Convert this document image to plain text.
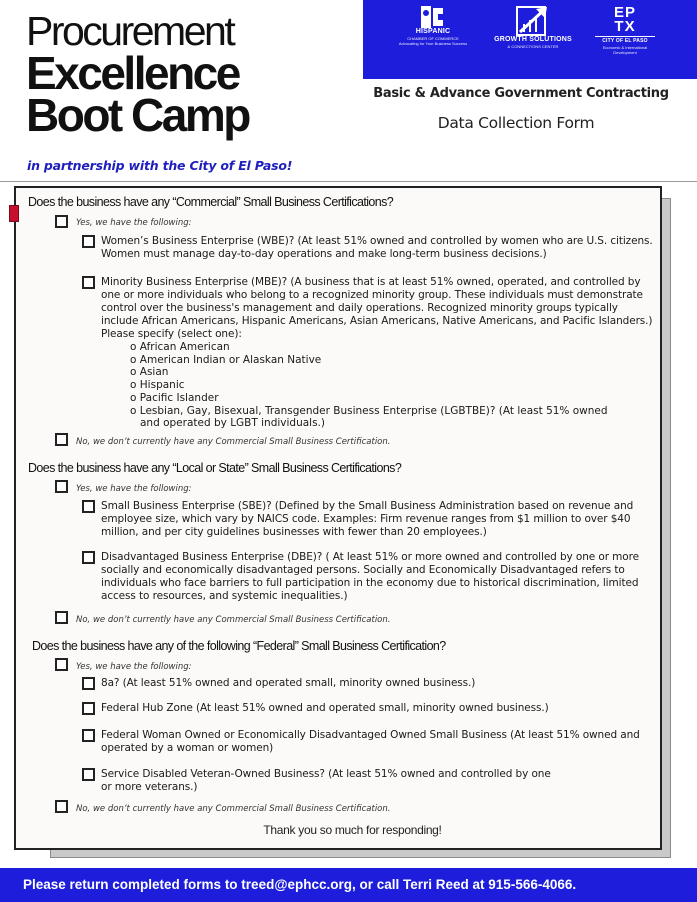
Procurement
Excellence
Boot Camp
in partnership with the City of El Paso!
HISPANIC
CHAMBER OF COMMERCE
Advocating for Your Business Success
GROWTH SOLUTIONS
& CONNECTIONS CENTER
EP
TX
CITY OF EL PASO
Economic & International Development
Basic & Advance Government Contracting
Data Collection Form
Does the business have any “Commercial” Small Business Certifications?
Yes, we have the following:
Women’s Business Enterprise (WBE)? (At least 51% owned and controlled by women who are U.S. citizens. Women must manage day-to-day operations and make long-term business decisions.)
Minority Business Enterprise (MBE)? (A business that is at least 51% owned, operated, and controlled by one or more individuals who belong to a recognized minority group. These individuals must demonstrate control over the business's management and daily operations. Recognized minority groups typically include African Americans, Hispanic Americans, Asian Americans, Native Americans, and Pacific Islanders.)
Please specify (select one):
o African American
o American Indian or Alaskan Native
o Asian
o Hispanic
o Pacific Islander
o Lesbian, Gay, Bisexual, Transgender Business Enterprise (LGBTBE)? (At least 51% owned
and operated by LGBT individuals.)
No, we don’t currently have any Commercial Small Business Certification.
Does the business have any “Local or State” Small Business Certifications?
Yes, we have the following:
Small Business Enterprise (SBE)? (Defined by the Small Business Administration based on revenue and employee size, which vary by NAICS code. Examples: Firm revenue ranges from $1 million to over $40 million, and per city guidelines businesses with fewer than 20 employees.)
Disadvantaged Business Enterprise (DBE)? ( At least 51% or more owned and controlled by one or more socially and economically disadvantaged persons. Socially and Economically Disadvantaged refers to individuals who face barriers to full participation in the economy due to historical discrimination, limited access to resources, and systemic inequalities.)
No, we don’t currently have any Commercial Small Business Certification.
Does the business have any of the following “Federal” Small Business Certification?
Yes, we have the following:
8a? (At least 51% owned and operated small, minority owned business.)
Federal Hub Zone (At least 51% owned and operated small, minority owned business.)
Federal Woman Owned or Economically Disadvantaged Owned Small Business (At least 51% owned and operated by a woman or women)
Service Disabled Veteran-Owned Business? (At least 51% owned and controlled by one
or more veterans.)
No, we don’t currently have any Commercial Small Business Certification.
Thank you so much for responding!
Please return completed forms to treed@ephcc.org, or call Terri Reed at 915-566-4066.
